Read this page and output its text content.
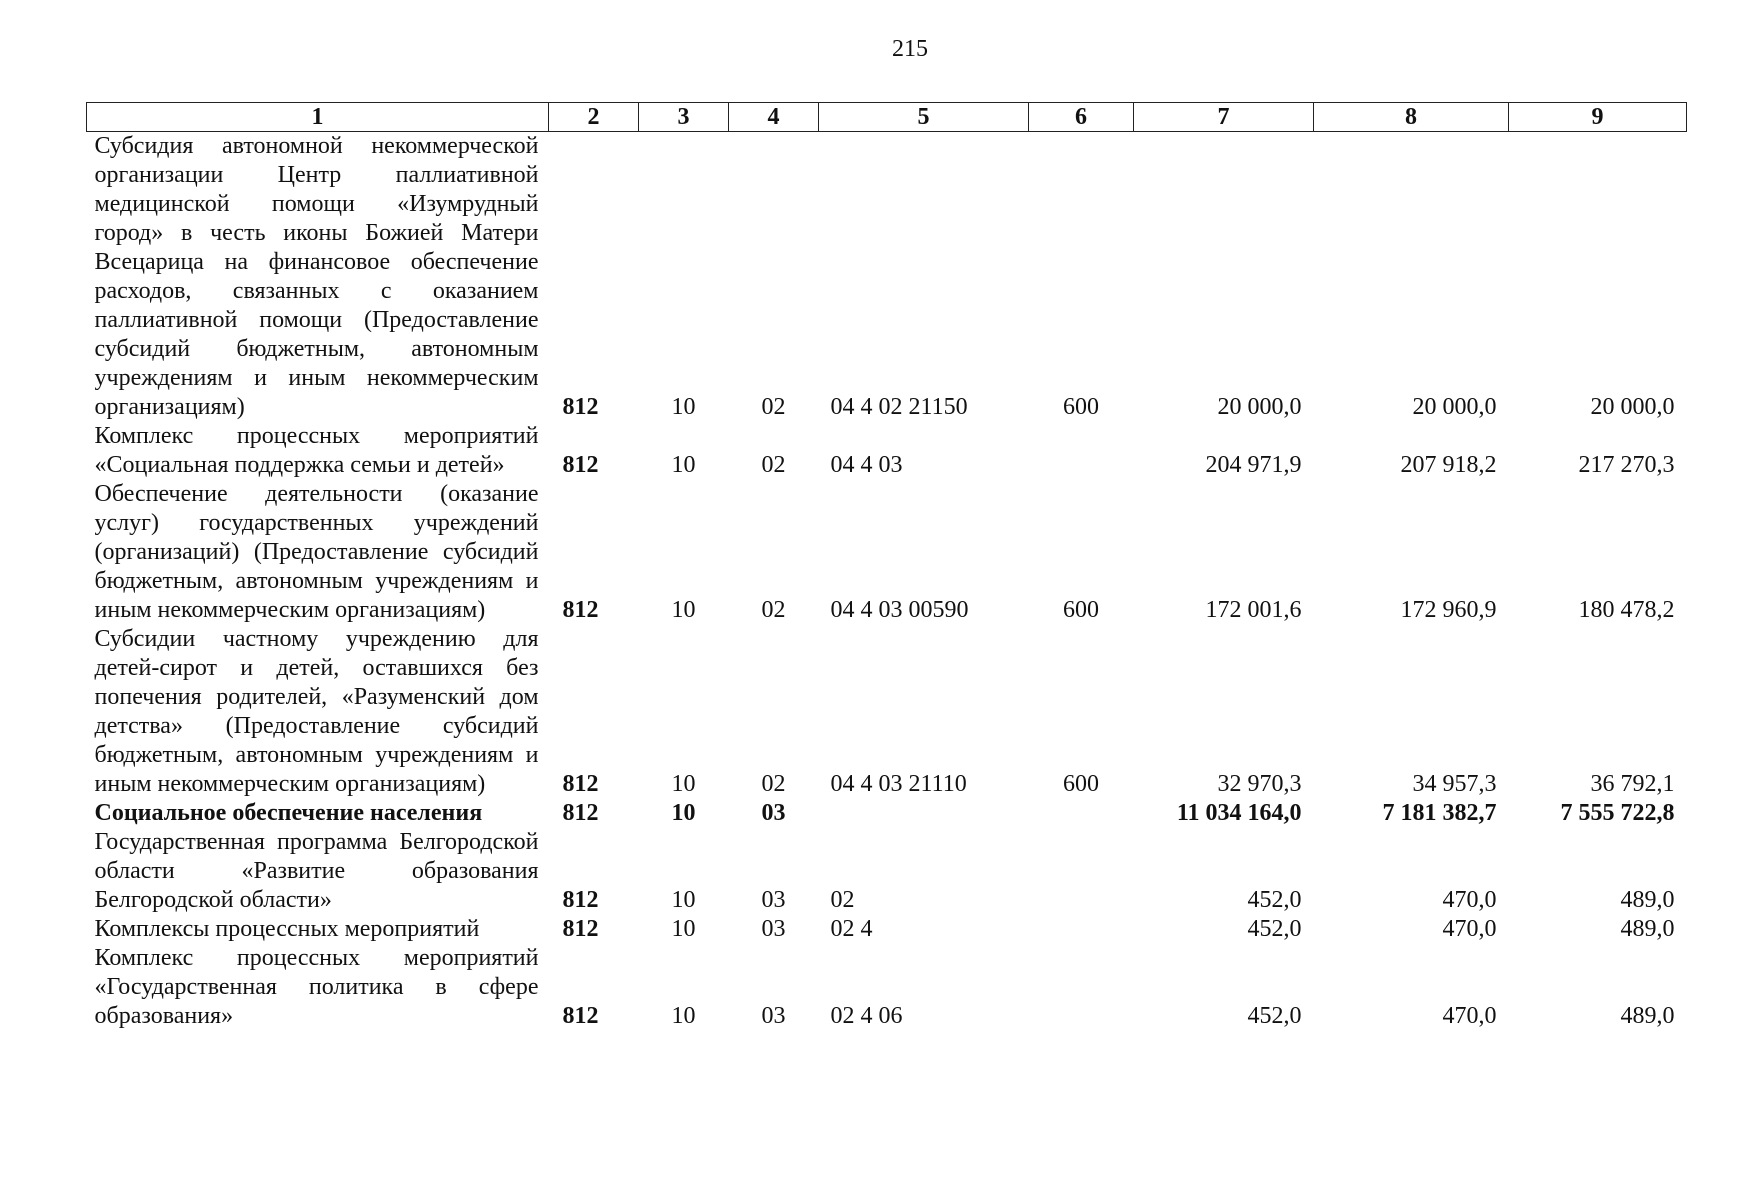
215
1	2	3	4	5	6	7	8	9

Субсидия автономной некоммерческой организации Центр паллиативной медицинской помощи «Изумрудный город» в честь иконы Божией Матери Всецарица на финансовое обеспечение расходов, связанных с оказанием паллиативной помощи (Предоставление субсидий бюджетным, автономным учреждениям и иным некоммерческим организациям)	812	10	02	04 4 02 21150	600	20 000,0	20 000,0	20 000,0

Комплекс процессных мероприятий «Социальная поддержка семьи и детей»	812	10	02	04 4 03		204 971,9	207 918,2	217 270,3

Обеспечение деятельности (оказание услуг) государственных учреждений (организаций) (Предоставление субсидий бюджетным, автономным учреждениям и иным некоммерческим организациям)	812	10	02	04 4 03 00590	600	172 001,6	172 960,9	180 478,2

Субсидии частному учреждению для детей-сирот и детей, оставшихся без попечения родителей, «Разуменский дом детства» (Предоставление субсидий бюджетным, автономным учреждениям и иным некоммерческим организациям)	812	10	02	04 4 03 21110	600	32 970,3	34 957,3	36 792,1

Социальное обеспечение населения	812	10	03			11 034 164,0	7 181 382,7	7 555 722,8

Государственная программа Белгородской области «Развитие образования Белгородской области»	812	10	03	02		452,0	470,0	489,0

Комплексы процессных мероприятий	812	10	03	02 4		452,0	470,0	489,0

Комплекс процессных мероприятий «Государственная политика в сфере образования»	812	10	03	02 4 06		452,0	470,0	489,0
